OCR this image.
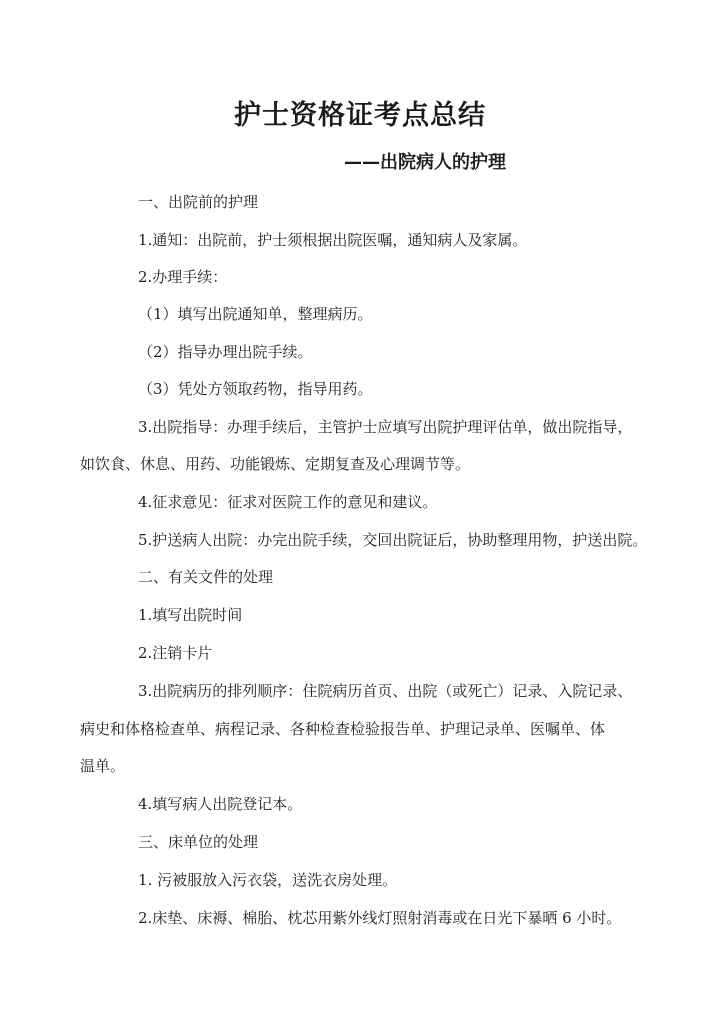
护士资格证考点总结
——出院病人的护理
一、出院前的护理
1.通知：出院前，护士须根据出院医嘱，通知病人及家属。
2.办理手续：
（1）填写出院通知单，整理病历。
（2）指导办理出院手续。
（3）凭处方领取药物，指导用药。
3.出院指导：办理手续后，主管护士应填写出院护理评估单，做出院指导，
如饮食、休息、用药、功能锻炼、定期复查及心理调节等。
4.征求意见：征求对医院工作的意见和建议。
5.护送病人出院：办完出院手续，交回出院证后，协助整理用物，护送出院。
二、有关文件的处理
1.填写出院时间
2.注销卡片
3.出院病历的排列顺序：住院病历首页、出院（或死亡）记录、入院记录、
病史和体格检查单、病程记录、各种检查检验报告单、护理记录单、医嘱单、体
温单。
4.填写病人出院登记本。
三、床单位的处理
1. 污被服放入污衣袋，送洗衣房处理。
2.床垫、床褥、棉胎、枕芯用紫外线灯照射消毒或在日光下暴晒 6 小时。
